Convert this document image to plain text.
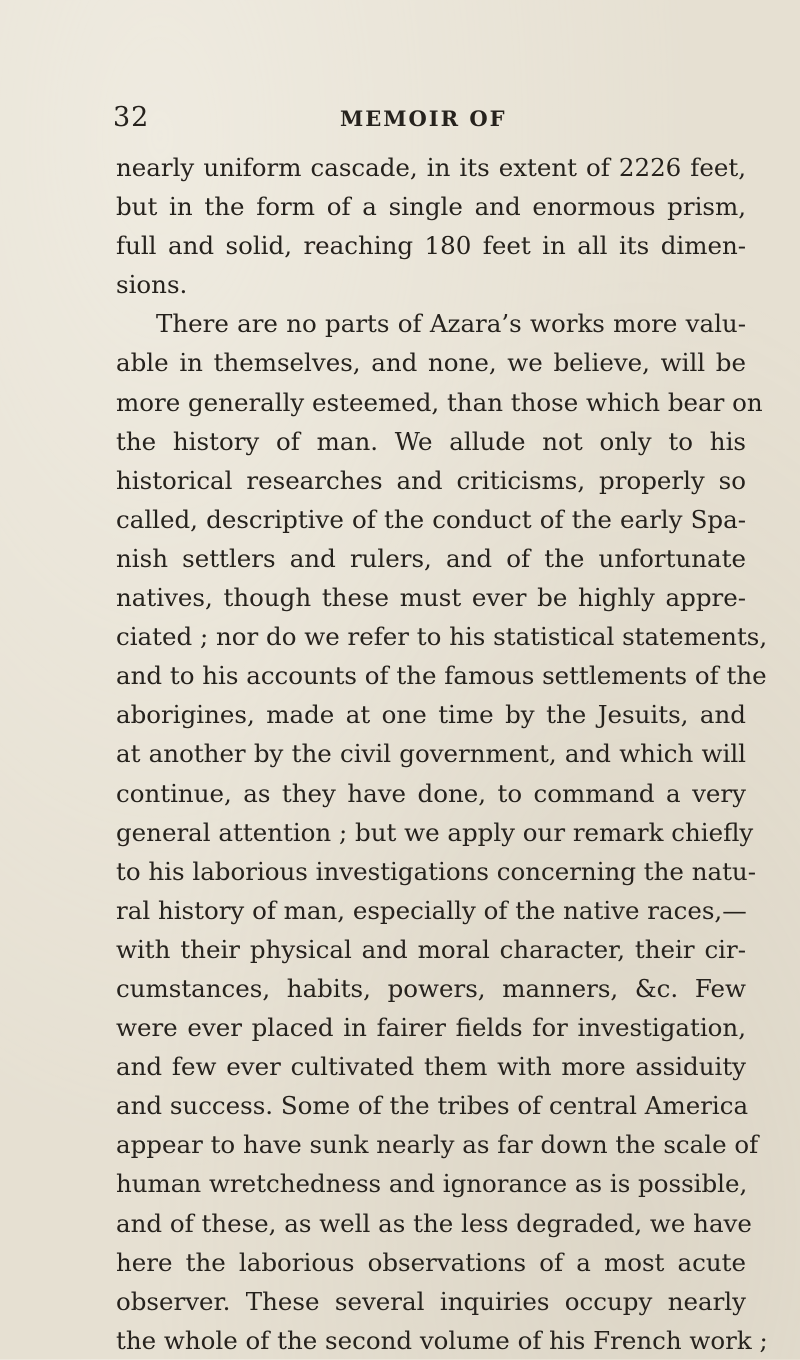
32	MEMOIR OF
nearly uniform cascade, in its extent of 2226 feet,
but in the form of a single and enormous prism,
full and solid, reaching 180 feet in all its dimen-
sions.
There are no parts of Azara’s works more valu-
able in themselves, and none, we believe, will be
more generally esteemed, than those which bear on
the history of man. We allude not only to his
historical researches and criticisms, properly so
called, descriptive of the conduct of the early Spa-
nish settlers and rulers, and of the unfortunate
natives, though these must ever be highly appre-
ciated ; nor do we refer to his statistical statements,
and to his accounts of the famous settlements of the
aborigines, made at one time by the Jesuits, and
at another by the civil government, and which will
continue, as they have done, to command a very
general attention ; but we apply our remark chiefly
to his laborious investigations concerning the natu-
ral history of man, especially of the native races,—
with their physical and moral character, their cir-
cumstances, habits, powers, manners, &c. Few
were ever placed in fairer fields for investigation,
and few ever cultivated them with more assiduity
and success. Some of the tribes of central America
appear to have sunk nearly as far down the scale of
human wretchedness and ignorance as is possible,
and of these, as well as the less degraded, we have
here the laborious observations of a most acute
observer. These several inquiries occupy nearly
the whole of the second volume of his French work ;
